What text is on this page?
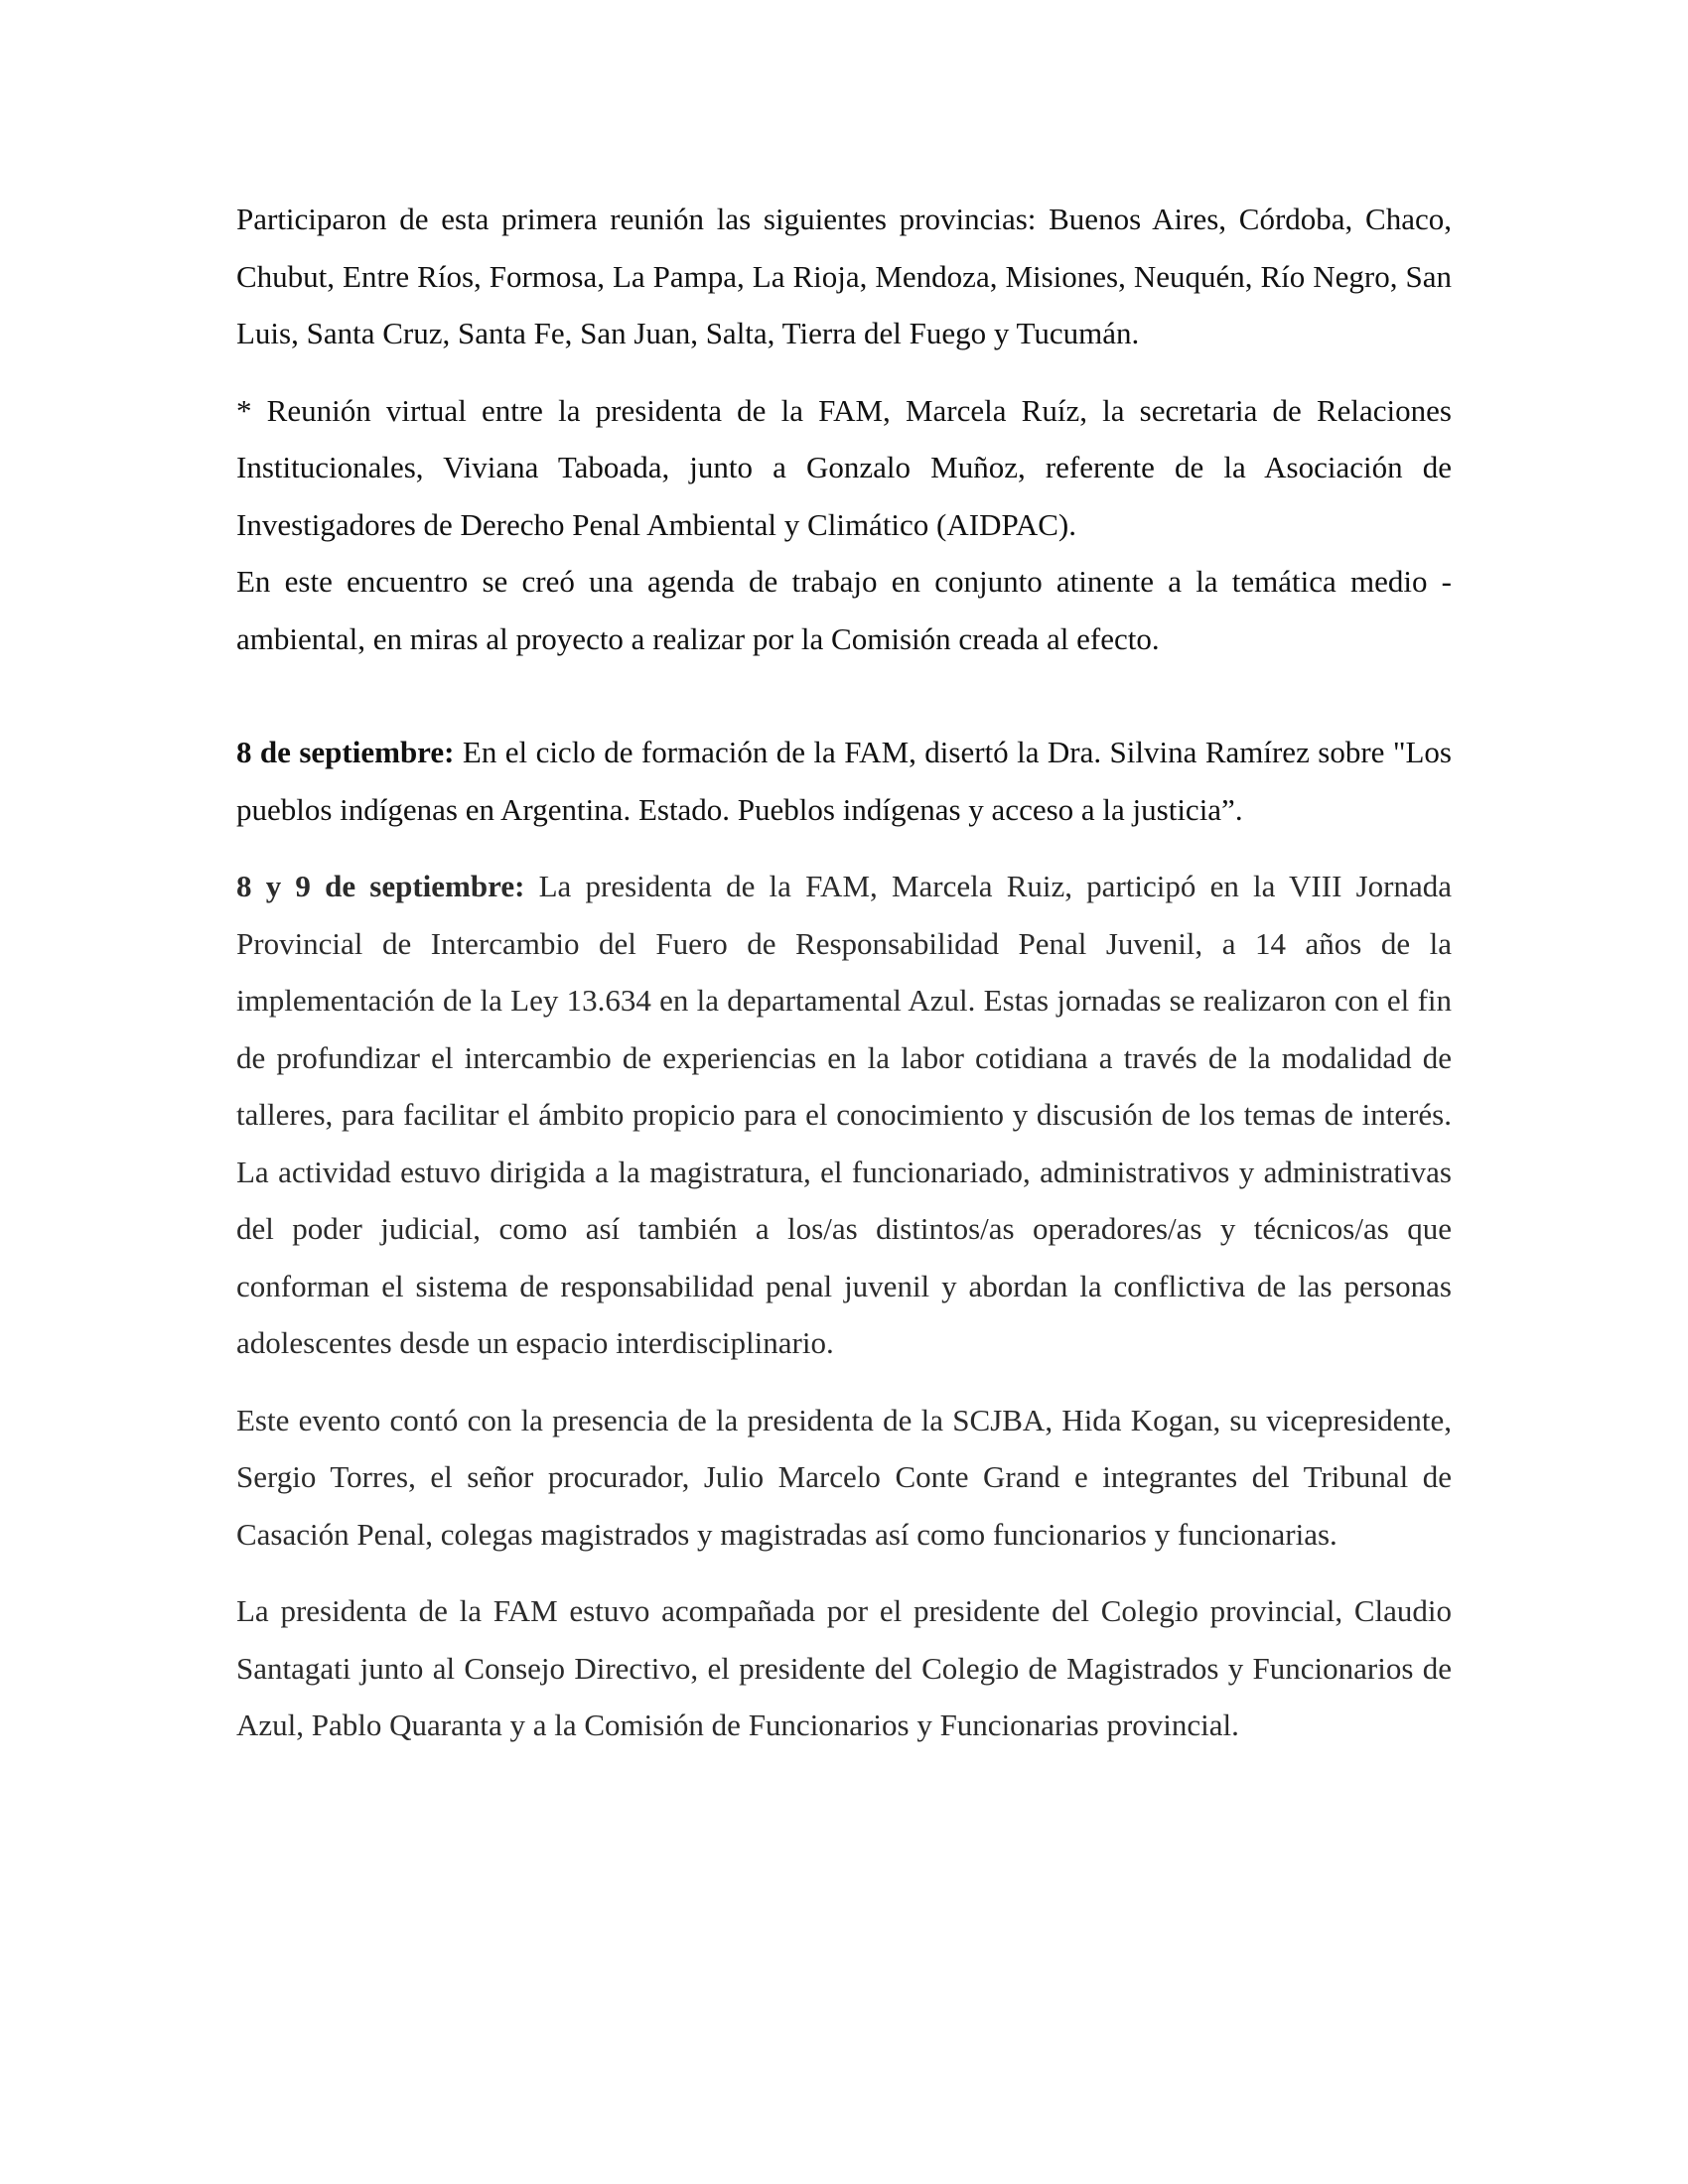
Participaron de esta primera reunión las siguientes provincias: Buenos Aires, Córdoba, Chaco, Chubut, Entre Ríos, Formosa, La Pampa, La Rioja, Mendoza, Misiones, Neuquén, Río Negro, San Luis, Santa Cruz, Santa Fe, San Juan, Salta, Tierra del Fuego y Tucumán.

* Reunión virtual entre la presidenta de la FAM, Marcela Ruíz, la secretaria de Relaciones Institucionales, Viviana Taboada, junto a Gonzalo Muñoz, referente de la Asociación de Investigadores de Derecho Penal Ambiental y Climático (AIDPAC).
En este encuentro se creó una agenda de trabajo en conjunto atinente a la temática medio - ambiental, en miras al proyecto a realizar por la Comisión creada al efecto.

8 de septiembre: En el ciclo de formación de la FAM, disertó la Dra. Silvina Ramírez sobre "Los pueblos indígenas en Argentina. Estado. Pueblos indígenas y acceso a la justicia”.

8 y 9 de septiembre: La presidenta de la FAM, Marcela Ruiz, participó en la VIII Jornada Provincial de Intercambio del Fuero de Responsabilidad Penal Juvenil, a 14 años de la implementación de la Ley 13.634 en la departamental Azul. Estas jornadas se realizaron con el fin de profundizar el intercambio de experiencias en la labor cotidiana a través de la modalidad de talleres, para facilitar el ámbito propicio para el conocimiento y discusión de los temas de interés. La actividad estuvo dirigida a la magistratura, el funcionariado, administrativos y administrativas del poder judicial, como así también a los/as distintos/as operadores/as y técnicos/as que conforman el sistema de responsabilidad penal juvenil y abordan la conflictiva de las personas adolescentes desde un espacio interdisciplinario.

Este evento contó con la presencia de la presidenta de la SCJBA, Hida Kogan, su vicepresidente, Sergio Torres, el señor procurador, Julio Marcelo Conte Grand e integrantes del Tribunal de Casación Penal, colegas magistrados y magistradas así como funcionarios y funcionarias.

La presidenta de la FAM estuvo acompañada por el presidente del Colegio provincial, Claudio Santagati junto al Consejo Directivo, el presidente del Colegio de Magistrados y Funcionarios de Azul, Pablo Quaranta y a la Comisión de Funcionarios y Funcionarias provincial.
